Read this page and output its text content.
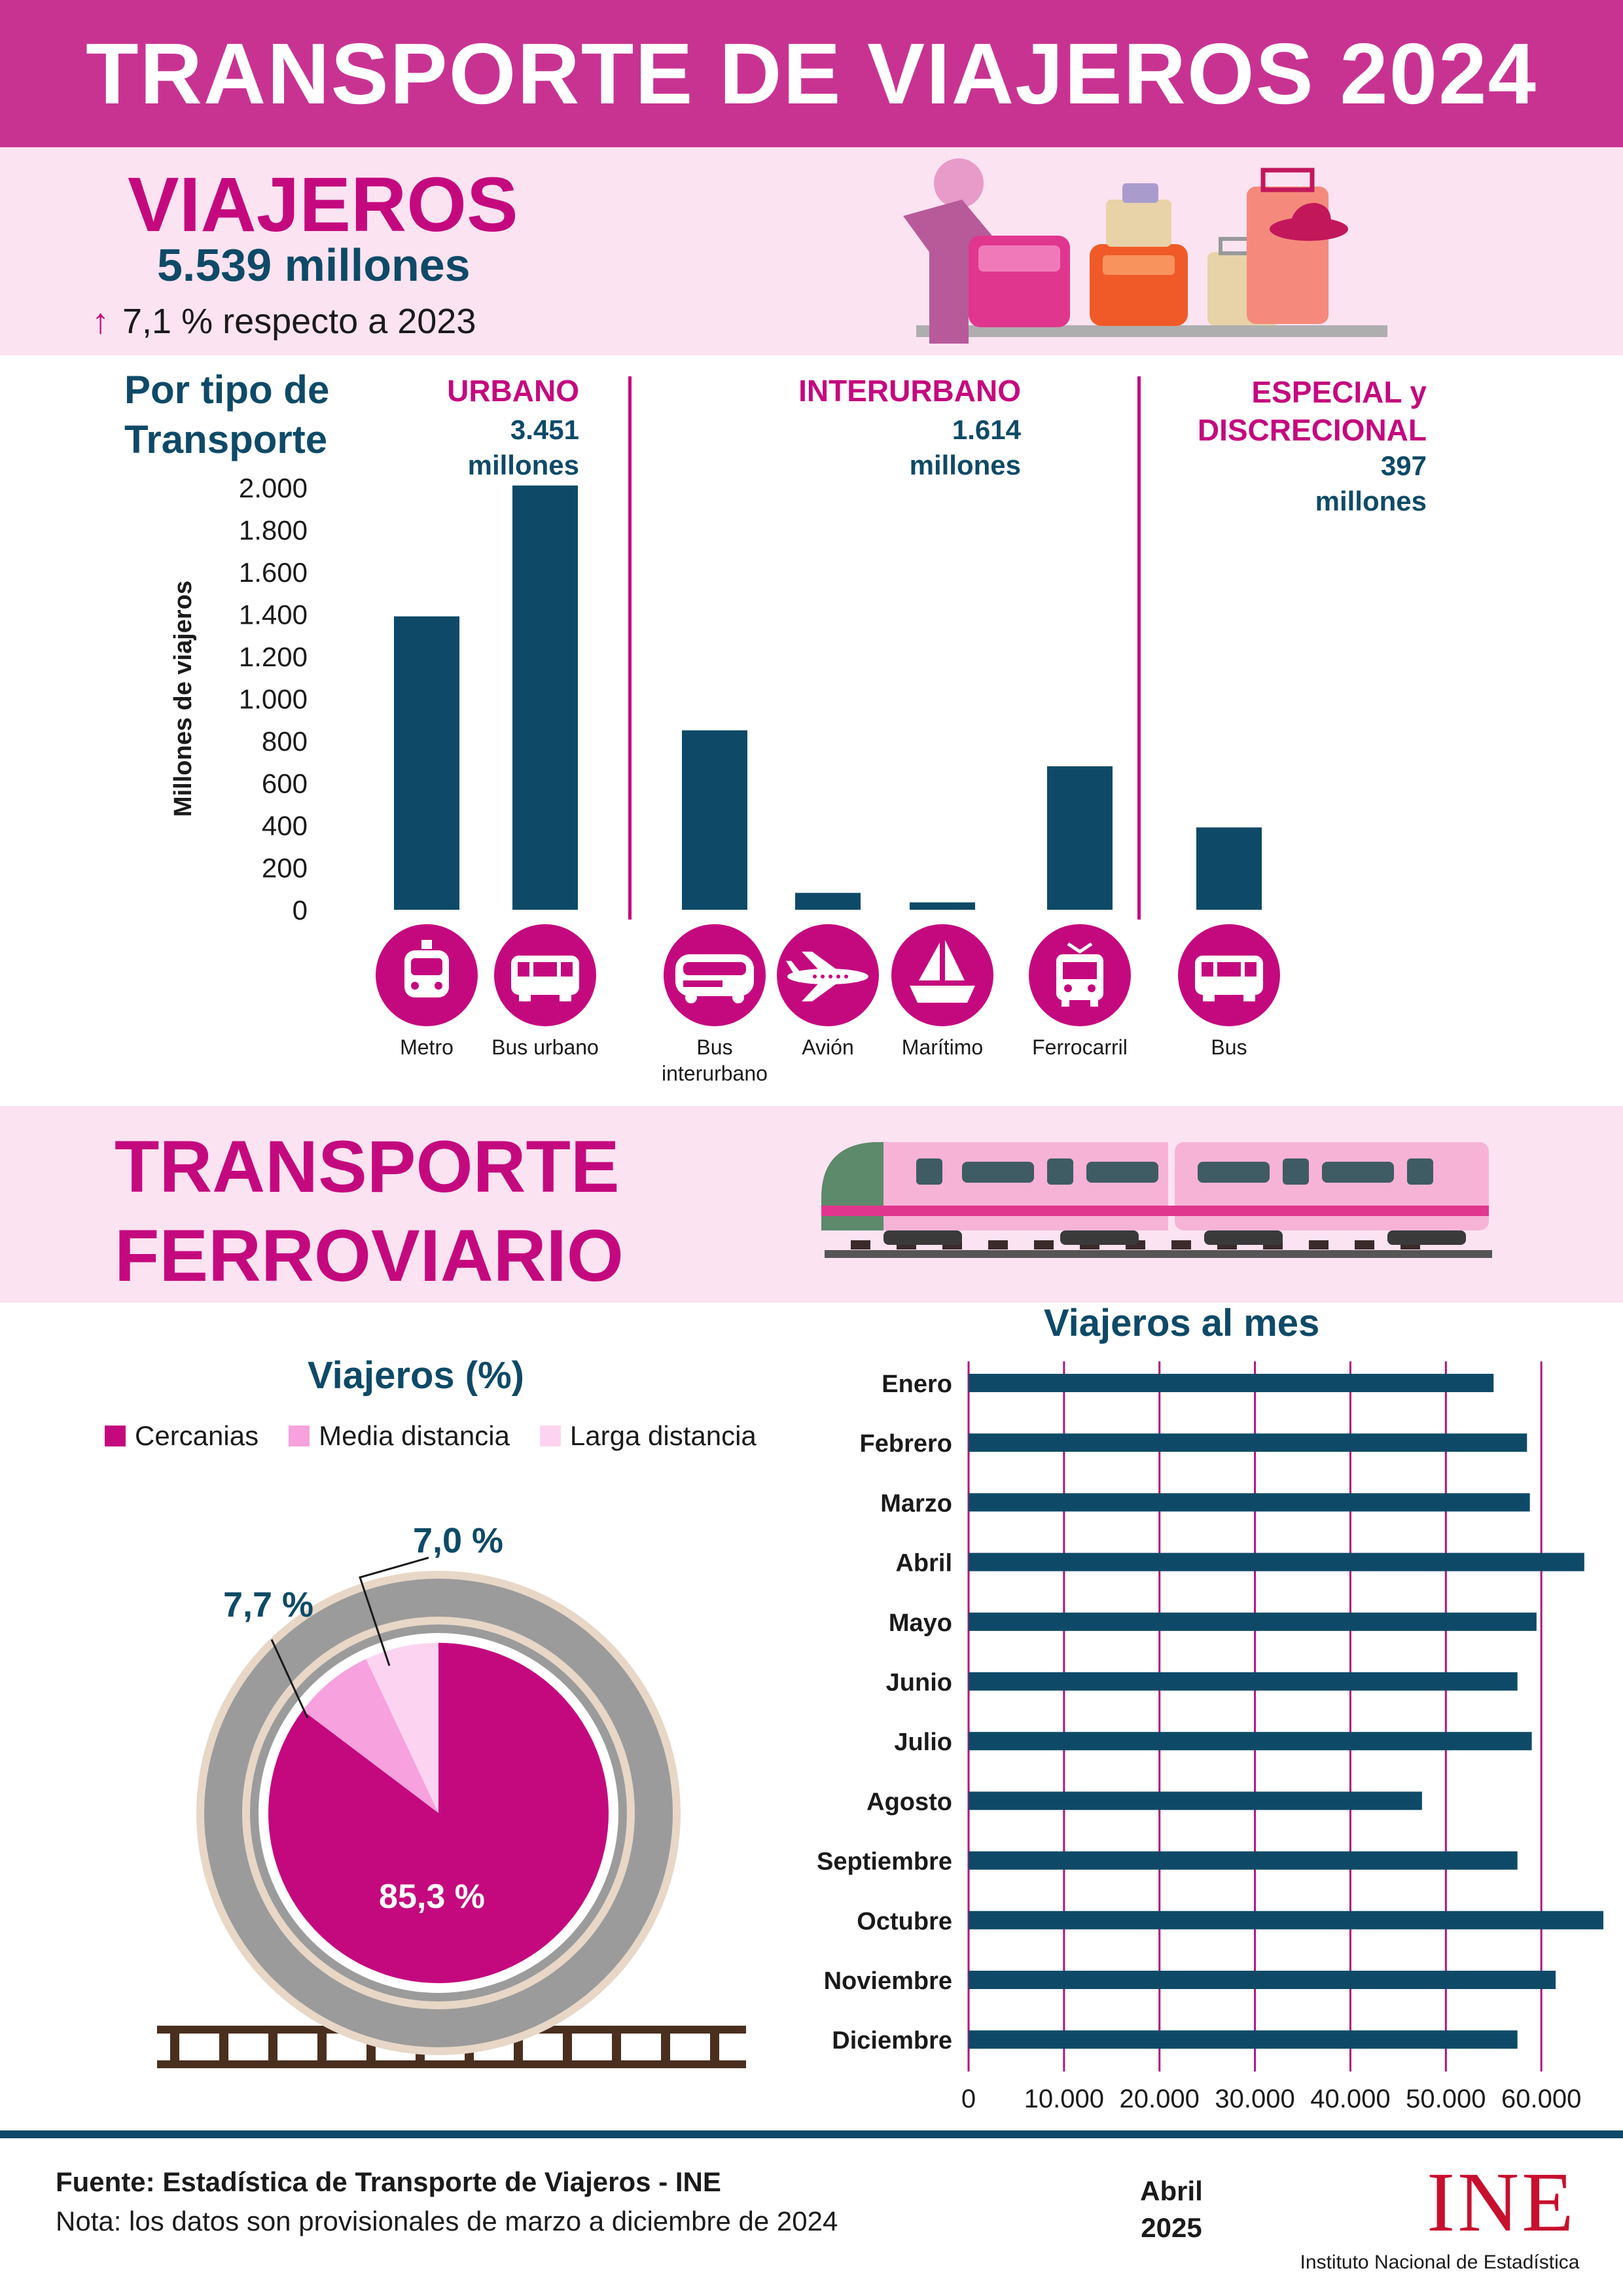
TRANSPORTE DE VIAJEROS 2024
VIAJEROS
5.539 millones
↑ 7,1 % respecto a 2023
Por tipo de Transporte
URBANO
3.451
millones
INTERURBANO
1.614
millones
ESPECIAL y
DISCRECIONAL
397
millones
2.000
1.800
1.600
1.400
1.200
1.000
800
600
400
200
0
Millones de viajeros
Metro	Bus urbano	Bus interurbano
Avión	Marítimo	Ferrocarril	Bus
TRANSPORTE
FERROVIARIO
Viajeros (%)
Cercanias Media distancia Larga distancia
85,3 %
7,7 %
7,0 %
Viajeros al mes
0 10.000 20.000 30.000 40.000 50.000 60.000
Enero
Febrero
Marzo
Abril
Mayo
Junio
Julio
Agosto
Septiembre
Octubre
Noviembre
Diciembre
Fuente: Estadística de Transporte de Viajeros - INE
Nota: los datos son provisionales de marzo a diciembre de 2024
Abril
2025	INE
Instituto Nacional de Estadística
